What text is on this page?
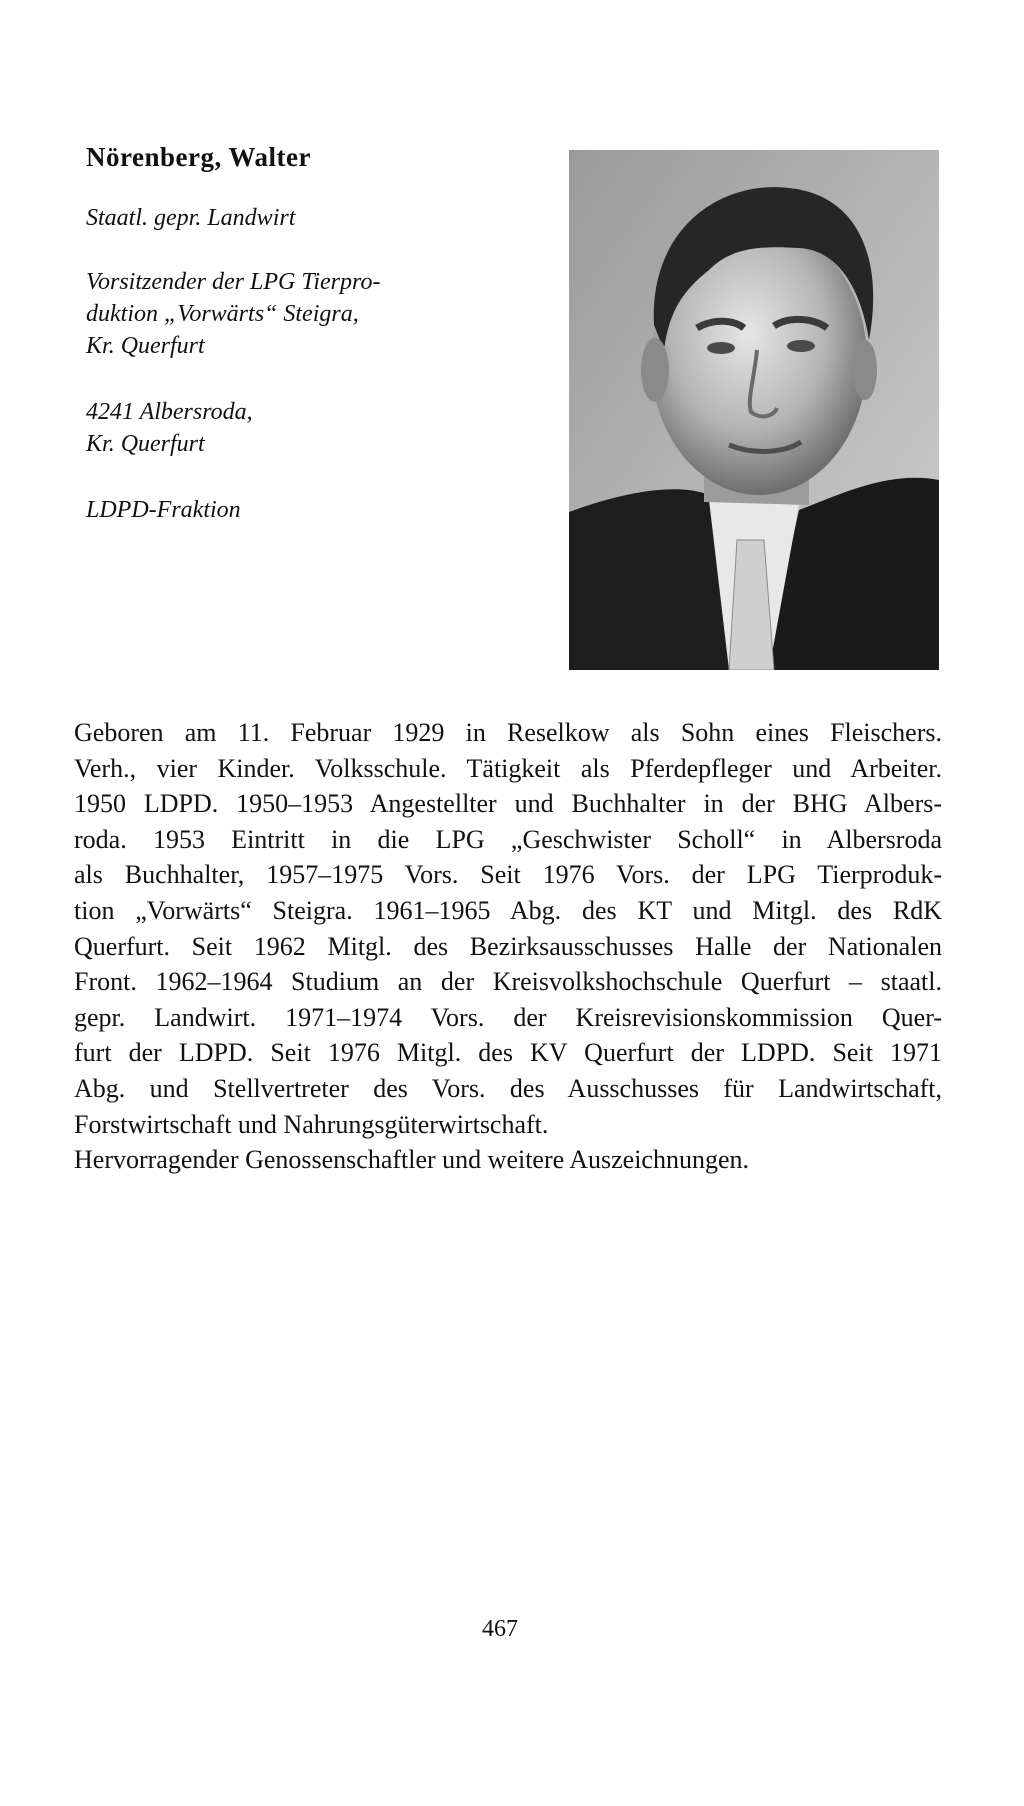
Nörenberg, Walter
Staatl. gepr. Landwirt
Vorsitzender der LPG Tierpro-
duktion „Vorwärts“ Steigra,
Kr. Querfurt
4241 Albersroda,
Kr. Querfurt
LDPD-Fraktion
Geboren am 11. Februar 1929 in Reselkow als Sohn eines Fleischers.
Verh., vier Kinder. Volksschule. Tätigkeit als Pferdepfleger und Arbeiter.
1950 LDPD. 1950–1953 Angestellter und Buchhalter in der BHG Albers-
roda. 1953 Eintritt in die LPG „Geschwister Scholl“ in Albersroda
als Buchhalter, 1957–1975 Vors. Seit 1976 Vors. der LPG Tierproduk-
tion „Vorwärts“ Steigra. 1961–1965 Abg. des KT und Mitgl. des RdK
Querfurt. Seit 1962 Mitgl. des Bezirksausschusses Halle der Nationalen
Front. 1962–1964 Studium an der Kreisvolkshochschule Querfurt – staatl.
gepr. Landwirt. 1971–1974 Vors. der Kreisrevisionskommission Quer-
furt der LDPD. Seit 1976 Mitgl. des KV Querfurt der LDPD. Seit 1971
Abg. und Stellvertreter des Vors. des Ausschusses für Landwirtschaft,
Forstwirtschaft und Nahrungsgüterwirtschaft.
Hervorragender Genossenschaftler und weitere Auszeichnungen.
467
